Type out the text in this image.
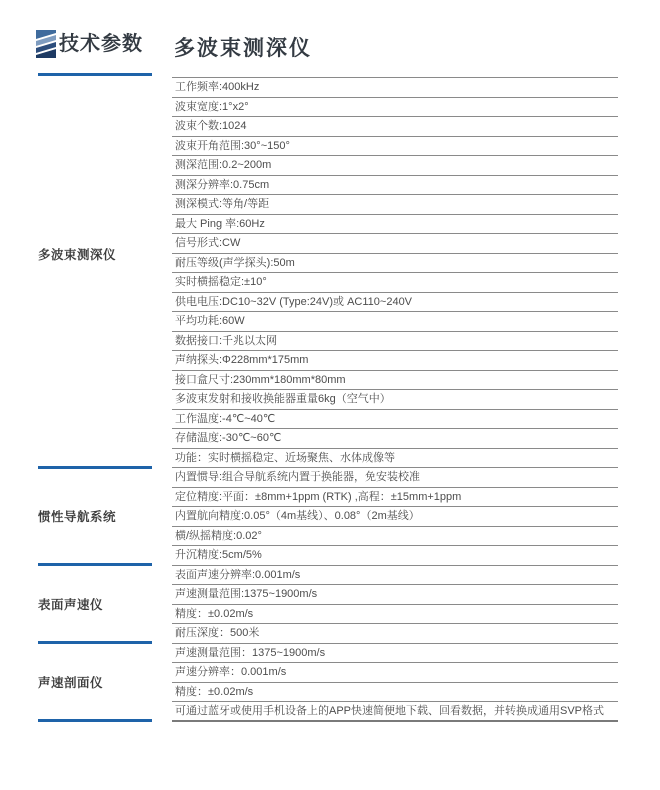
技术参数 多波束测深仪
多波束测深仪
惯性导航系统
表面声速仪
声速剖面仪
工作频率:400kHz
波束宽度:1°x2°
波束个数:1024
波束开角范围:30°~150°
测深范围:0.2~200m
测深分辨率:0.75cm
测深模式:等角/等距
最大 Ping 率:60Hz
信号形式:CW
耐压等级(声学探头):50m
实时横摇稳定:±10°
供电电压:DC10~32V (Type:24V)或 AC110~240V
平均功耗:60W
数据接口:千兆以太网
声纳探头:Φ228mm*175mm
接口盒尺寸:230mm*180mm*80mm
多波束发射和接收换能器重量6kg（空气中）
工作温度:-4℃~40℃
存储温度:-30℃~60℃
功能：实时横摇稳定、近场聚焦、水体成像等
内置惯导:组合导航系统内置于换能器，免安装校准
定位精度:平面：±8mm+1ppm (RTK) ,高程：±15mm+1ppm
内置航向精度:0.05°（4m基线）、0.08°（2m基线）
横/纵摇精度:0.02°
升沉精度:5cm/5%
表面声速分辨率:0.001m/s
声速测量范围:1375~1900m/s
精度：±0.02m/s
耐压深度：500米
声速测量范围：1375~1900m/s
声速分辨率：0.001m/s
精度：±0.02m/s
可通过蓝牙或使用手机设备上的APP快速简便地下载、回看数据，并转换成通用SVP格式
